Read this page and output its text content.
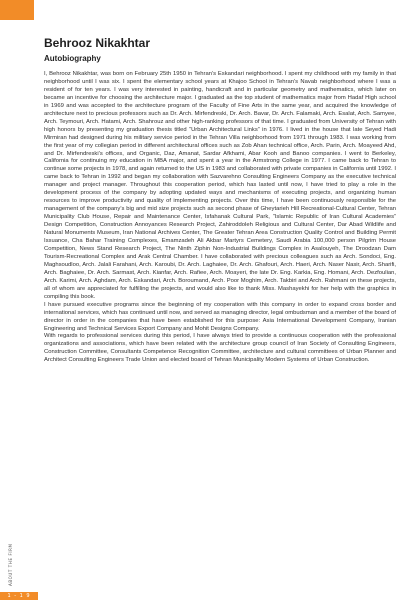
Behrooz Nikakhtar
Autobiography

I, Behrooz Nikakhtar, was born on February 25th 1950 in Tehran’s Eskandari neighborhood. I spent my childhood with my family in that neighborhood until I was six. I spent the elementary school years at Khajoo School in Tehran’s Navab neighborhood where I was a resident of for ten years. I was very interested in painting, handicraft and in particular geometry and mathematics, which later on became an incentive for choosing the architecture major. I graduated as the top student of mathematics major from Hadaf High school in 1969 and was accepted to the architecture program of the Faculty of Fine Arts in the same year, and acquired the knowledge of architecture next to precious professors such as Dr. Arch. Mirfendreski, Dr. Arch. Bavar, Dr. Arch. Falamaki, Arch. Esalat, Arch. Samyee, Arch. Teymouri, Arch. Hatami, Arch. Shahrouz and other high-ranking professors of that time. I graduated from University of Tehran with high honors by presenting my graduation thesis titled “Urban Architectural Links” in 1976. I lived in the house that late Seyed Hadi Mirmiran had designed during his military service period in the Tehran Villa neighborhood from 1971 through 1983. I was working from the first year of my collegian period in different architectural offices such as Zob Ahan technical office, Arch. Parin, Arch. Moayeed Ahd, and Dr. Mirfendreski’s offices, and Organic, Daz, Amanat, Sardar Afkhami, Abar Kooh and Banoo companies. I went to Berkeley, California for continuing my education in MBA major, and spent a year in the Armstrong College in 1977. I came back to Tehran to continue some projects in 1978, and again returned to the US in 1983 and collaborated with private companies in California until 1992. I came back to Tehran in 1992 and began my collaboration with Sazvarehno Consulting Engineers Company as the executive technical manager and project manager. Throughout this cooperation period, which has lasted until now, I have tried to play a role in the development process of the company by adopting updated ways and mechanisms of executing projects, and organizing human resources to improve productivity and quality of implementing projects. Over this time, I have been continuously responsible for the management of the company’s big and mid size projects such as second phase of Gheytarieh Hill Recreational-Cultural Center, Tehran Municipality Club House, Repair and Maintenance Center, Isfahanak Cultural Park, “Islamic Republic of Iran Cultural Academies” Design Competition, Construction Annoyances Research Project, Zahiroddoleh Religious and Cultural Center, Dar Abad Wildlife and Natural Monuments Museum, Iran National Archives Center, The Greater Tehran Area Construction Quality Control and Building Permit Issuance, Cha Bahar Training Complexes, Emamzadeh Ali Akbar Martyrs Cemetery, Saudi Arabia 100,000 person Pilgrim House Competition, News Stand Research Project, The Ninth Ziphin Non-Industrial Buildings Complex in Asalouyeh, The Droodzan Dam Tourism-Recreational Complex and Arak Central Chamber. I have collaborated with precious colleagues such as Arch. Sondoci, Eng. Maghsoudloo, Arch. Jalali Farahani, Arch. Karoubi, Dr. Arch. Laghaiee, Dr. Arch. Ghafouri, Arch. Haeri, Arch. Naser Nasir, Arch. Sharifi, Arch. Baghaiee, Dr. Arch. Sarmast, Arch. Kianfar, Arch. Rafiee, Arch. Moayeri, the late Dr. Eng. Karkia, Eng. Homani, Arch. Dezfoulian, Arch. Karimi, Arch. Aghdam, Arch. Eskandari, Arch. Boroumand, Arch. Poor Moghim, Arch. Takbiri and Arch. Rahmani on these projects, all of whom are appreciated for fulfilling the projects, and would also like to thank Miss. Mashayekhi for her help with the graphics in compiling this book.

I have pursued executive programs since the beginning of my cooperation with this company in order to expand cross border and international services, which has continued until now, and served as managing director, legal ombudsman and a member of the board of director in order in the companies that have been established for this purpose: Asia International Development Company, Iranian Engineering and Technical Services Export Company and Mohit Designs Company.

With regards to professional services during this period, I have always tried to provide a continuous cooperation with the professional organizations and associations, which have been related with the architecture group council of Iran Society of Consulting Engineers, Construction Committee, Consultants Competence Recognition Committee, architecture and cultural committees of Urban Planner and Architect Consulting Engineers Trade Union and elected board of Tehran Municipality Modern Systems of Urban Construction.

ABOUT THE FIRM
1 - 1 9
